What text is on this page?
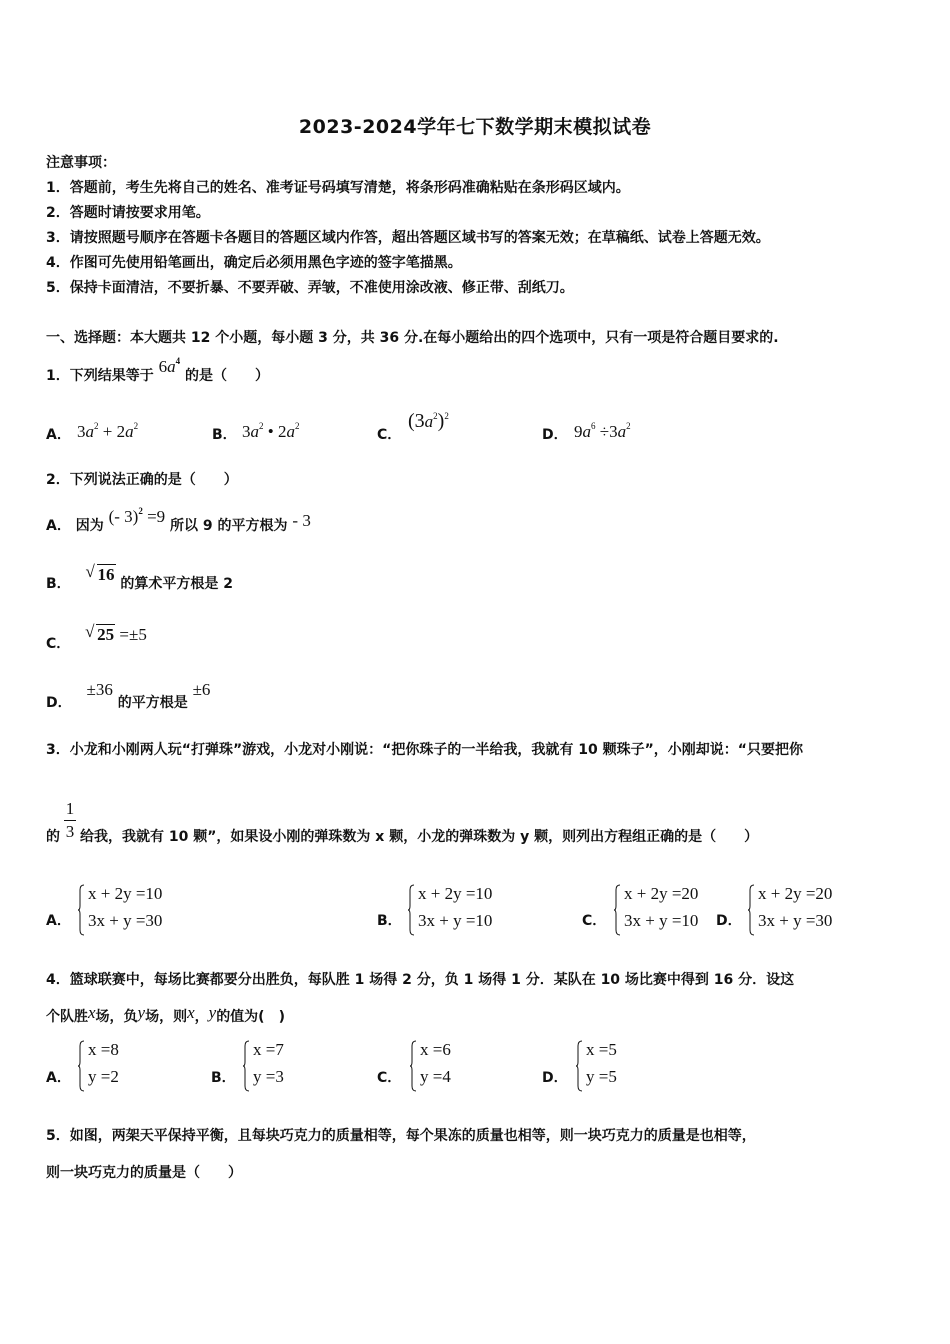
2023-2024学年七下数学期末模拟试卷
注意事项：
1．答题前，考生先将自己的姓名、准考证号码填写清楚，将条形码准确粘贴在条形码区域内。
2．答题时请按要求用笔。
3．请按照题号顺序在答题卡各题目的答题区域内作答，超出答题区域书写的答案无效；在草稿纸、试卷上答题无效。
4．作图可先使用铅笔画出，确定后必须用黑色字迹的签字笔描黑。
5．保持卡面清洁，不要折暴、不要弄破、弄皱，不准使用涂改液、修正带、刮纸刀。
一、选择题：本大题共 12 个小题，每小题 3 分，共 36 分.在每小题给出的四个选项中，只有一项是符合题目要求的.
1．下列结果等于 $6a^4$ 的是（　　）
A． $3a^2 + 2a^2$
B． $3a^2$ • $2a^2$
C．
$(3a^2)^2$
D． $9a^6 \div 3a^2$
2．下列说法正确的是（　　）
A． 因为 (- 3)$^2$ =9 所以 9 的平方根为 - 3
B．
√ 16 的算术平方根是 2
C．
√ 25 =±5
D． ±36 的平方根是 ±6
3．小龙和小刚两人玩“打弹珠”游戏，小龙对小刚说：“把你珠子的一半给我，我就有 10 颗珠子”，小刚却说：“只要把你
的
1
3 给我，我就有 10 颗”，如果设小刚的弹珠数为 x 颗，小龙的弹珠数为 y 颗，则列出方程组正确的是（　　）
A．
x + 2y =10
3x + y =30	B．
x + 2y =10
3x + y =10	C．
x + 2y =20
3x + y =10 D．
x + 2y =20
3x + y =30
4．篮球联赛中，每场比赛都要分出胜负，每队胜 1 场得 2 分，负 1 场得 1 分．某队在 10 场比赛中得到 16 分．设这
个队胜x场，负y场，则x，y的值为(　)
A．
x =8
y =2	B．
x =7
y =3	C．
x =6
y =4	D．
x =5
y =5
5．如图，两架天平保持平衡，且每块巧克力的质量相等，每个果冻的质量也相等，则一块巧克力的质量是也相等，
则一块巧克力的质量是（　　）
